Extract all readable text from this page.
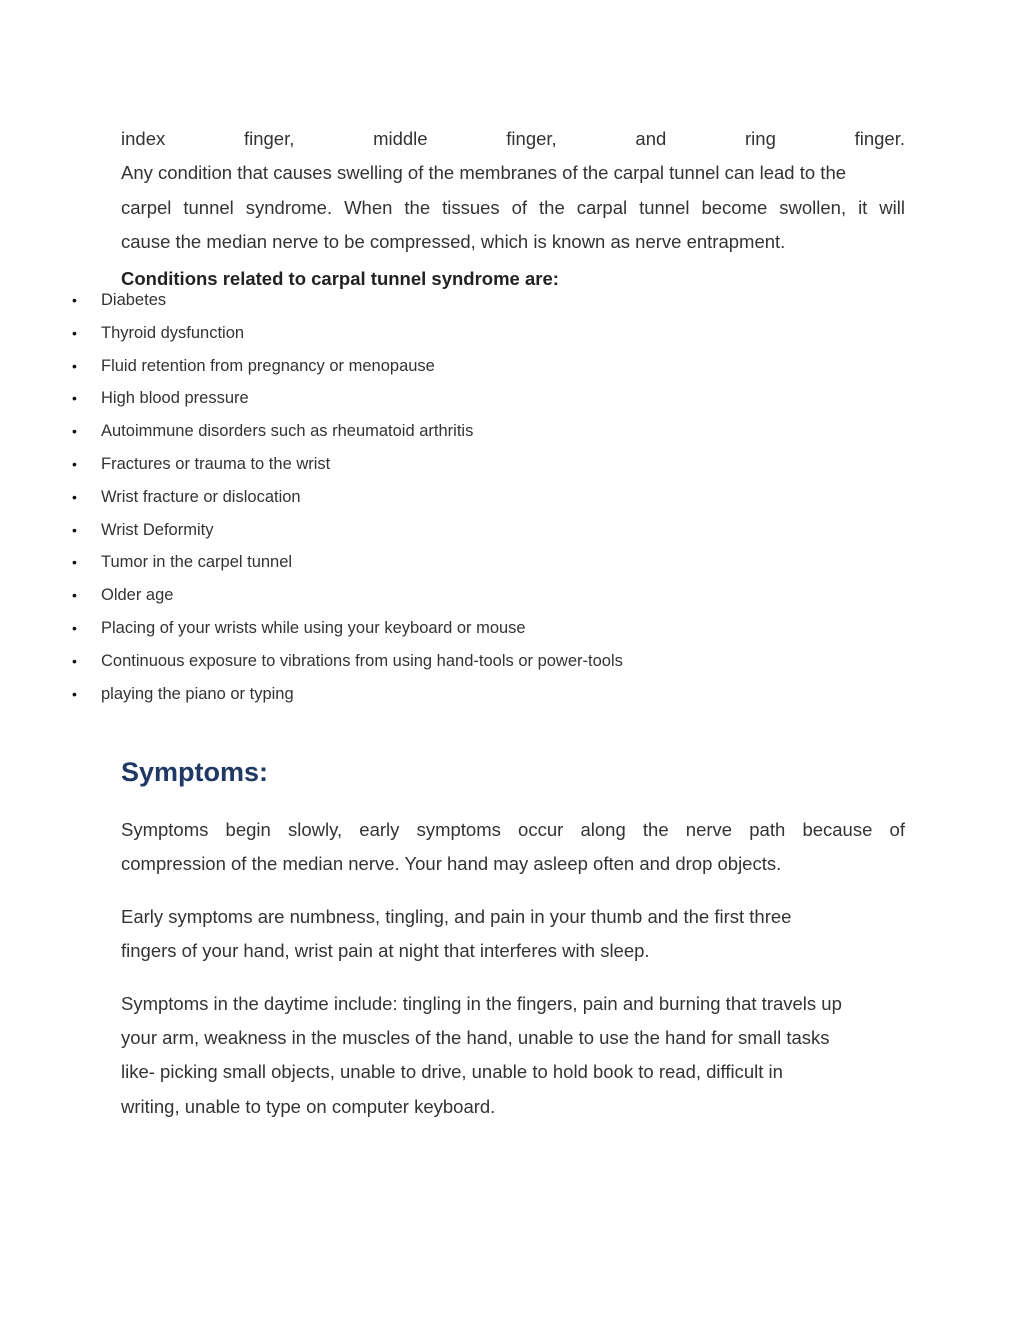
index	finger,	middle	finger,	and	ring	finger.
Any condition that causes swelling of the membranes of the carpal tunnel can lead to the
carpel tunnel syndrome. When the tissues of the carpal tunnel become swollen, it will
cause the median nerve to be compressed, which is known as nerve entrapment.
Conditions related to carpal tunnel syndrome are:
• Diabetes
• Thyroid dysfunction
• Fluid retention from pregnancy or menopause
• High blood pressure
• Autoimmune disorders such as rheumatoid arthritis
• Fractures or trauma to the wrist
• Wrist fracture or dislocation
• Wrist Deformity
• Tumor in the carpel tunnel
• Older age
• Placing of your wrists while using your keyboard or mouse
• Continuous exposure to vibrations from using hand-tools or power-tools
• playing the piano or typing
Symptoms:
Symptoms begin slowly, early symptoms occur along the nerve path because of
compression of the median nerve. Your hand may asleep often and drop objects.
Early symptoms are numbness, tingling, and pain in your thumb and the first three
fingers of your hand, wrist pain at night that interferes with sleep.
Symptoms in the daytime include: tingling in the fingers, pain and burning that travels up
your arm, weakness in the muscles of the hand, unable to use the hand for small tasks
like- picking small objects, unable to drive, unable to hold book to read, difficult in
writing, unable to type on computer keyboard.
